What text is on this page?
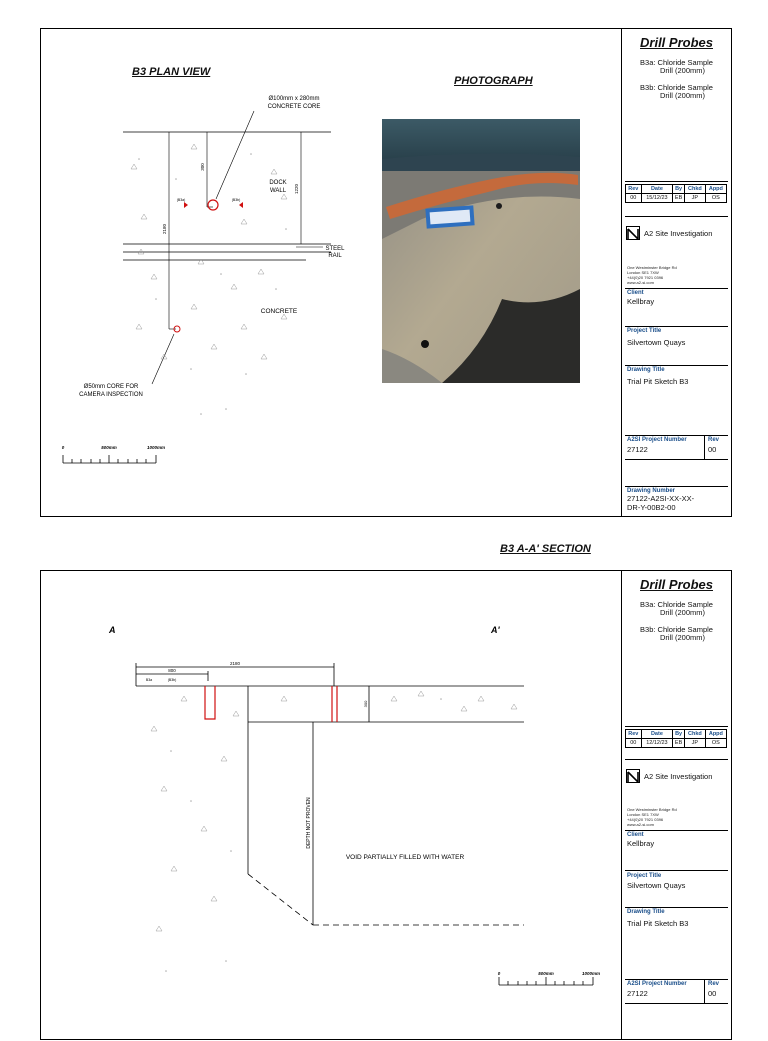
B3 PLAN VIEW
PHOTOGRAPH
Ø100mm x 280mm
CONCRETE CORE
DOCK
WALL
STEEL
RAIL
CONCRETE
Ø50mm CORE FOR
CAMERA INSPECTION
300
1220
2180
(B3a)	(B3b)
0	500mm	1000mm
Drill Probes
B3a: Chloride Sample
Drill (200mm)
B3b: Chloride Sample
Drill (200mm)
Rev	Date	By	Chkd	Appd
00	15/12/23	EB	JP	OS
A2 Site Investigation
One Westminster Bridge Rd
London SE1 7XW
+44(0)20 7921 0396
www.a2-si.com
Client
Kellbray
Project Title
Silvertown Quays
Drawing Title
Trial Pit Sketch B3
A2SI Project Number
27122
Rev
00
Drawing Number
27122-A2SI-XX-XX-
DR-Y-00B2-00
B3 A-A' SECTION
A	A'
2180
800
300
B3a	(B3b)
DEPTH NOT PROVEN
VOID PARTIALLY FILLED WITH WATER
0	500mm	1000mm
Drill Probes
B3a: Chloride Sample
Drill (200mm)
B3b: Chloride Sample
Drill (200mm)
Rev	Date	By	Chkd	Appd
00	12/12/23	EB	JP	OS
A2 Site Investigation
One Westminster Bridge Rd
London SE1 7XW
+44(0)20 7921 0396
www.a2-si.com
Client
Kellbray
Project Title
Silvertown Quays
Drawing Title
Trial Pit Sketch B3
A2SI Project Number
27122
Rev
00
